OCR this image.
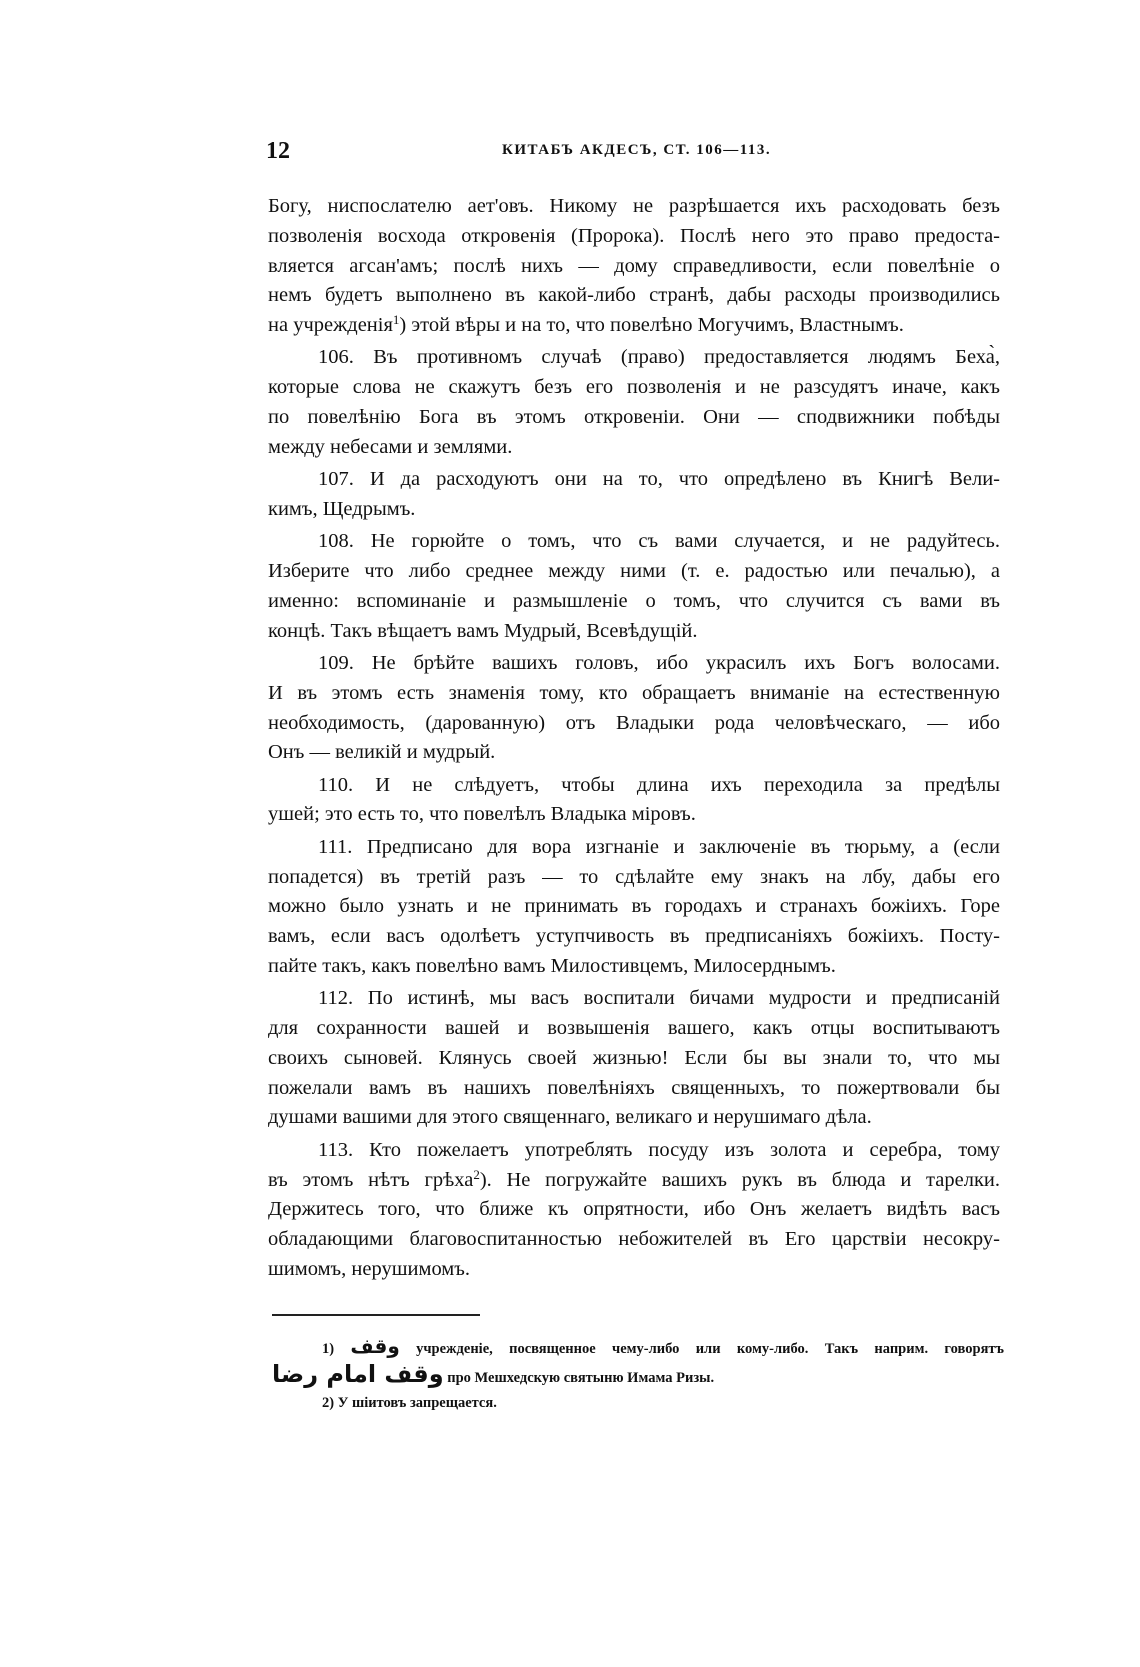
12	КИТАБЪ АКДЕСЪ, СТ. 106—113.

Богу, ниспослателю ает'овъ. Никому не разрѣшается ихъ расходовать безъ
позволенія восхода откровенія (Пророка). Послѣ него это право предоста-
вляется агсан'амъ; послѣ нихъ — дому справедливости, если повелѣніе о
немъ будетъ выполнено въ какой-либо странѣ, дабы расходы производились
на учрежденія$^1$) этой вѣры и на то, что повелѣно Могучимъ, Властнымъ.

106. Въ противномъ случаѣ (право) предоставляется людямъ Беха̀,
которые слова не скажутъ безъ его позволенія и не разсудятъ иначе, какъ
по повелѣнію Бога въ этомъ откровеніи. Они — сподвижники побѣды
между небесами и землями.

107. И да расходуютъ они на то, что опредѣлено въ Книгѣ Вели-
кимъ, Щедрымъ.

108. Не горюйте о томъ, что съ вами случается, и не радуйтесь.
Изберите что либо среднее между ними (т. е. радостью или печалью), а
именно: вспоминаніе и размышленіе о томъ, что случится съ вами въ
концѣ. Такъ вѣщаетъ вамъ Мудрый, Всевѣдущій.

109. Не брѣйте вашихъ головъ, ибо украсилъ ихъ Богъ волосами.
И въ этомъ есть знаменія тому, кто обращаетъ вниманіе на естественную
необходимость, (дарованную) отъ Владыки рода человѣческаго, — ибо
Онъ — великій и мудрый.

110. И не слѣдуетъ, чтобы длина ихъ переходила за предѣлы
ушей; это есть то, что повелѣлъ Владыка міровъ.

111. Предписано для вора изгнаніе и заключеніе въ тюрьму, а (если
попадется) въ третій разъ — то сдѣлайте ему знакъ на лбу, дабы его
можно было узнать и не принимать въ городахъ и странахъ божіихъ. Горе
вамъ, если васъ одолѣетъ уступчивость въ предписаніяхъ божіихъ. Посту-
пайте такъ, какъ повелѣно вамъ Милостивцемъ, Милосерднымъ.

112. По истинѣ, мы васъ воспитали бичами мудрости и предписаній
для сохранности вашей и возвышенія вашего, какъ отцы воспитываютъ
своихъ сыновей. Клянусь своей жизнью! Если бы вы знали то, что мы
пожелали вамъ въ нашихъ повелѣніяхъ священныхъ, то пожертвовали бы
душами вашими для этого священнаго, великаго и нерушимаго дѣла.

113. Кто пожелаетъ употреблять посуду изъ золота и серебра, тому
въ этомъ нѣтъ грѣха$^2$). Не погружайте вашихъ рукъ въ блюда и тарелки.
Держитесь того, что ближе къ опрятности, ибо Онъ желаетъ видѣть васъ
обладающими благовоспитанностью небожителей въ Его царствіи несокру-
шимомъ, нерушимомъ.

1) وقف учрежденіе, посвященное чему-либо или кому-либо. Такъ наприм. говорятъ
وقف امام رضا про Мешхедскую святыню Имама Ризы.
2) У шіитовъ запрещается.
